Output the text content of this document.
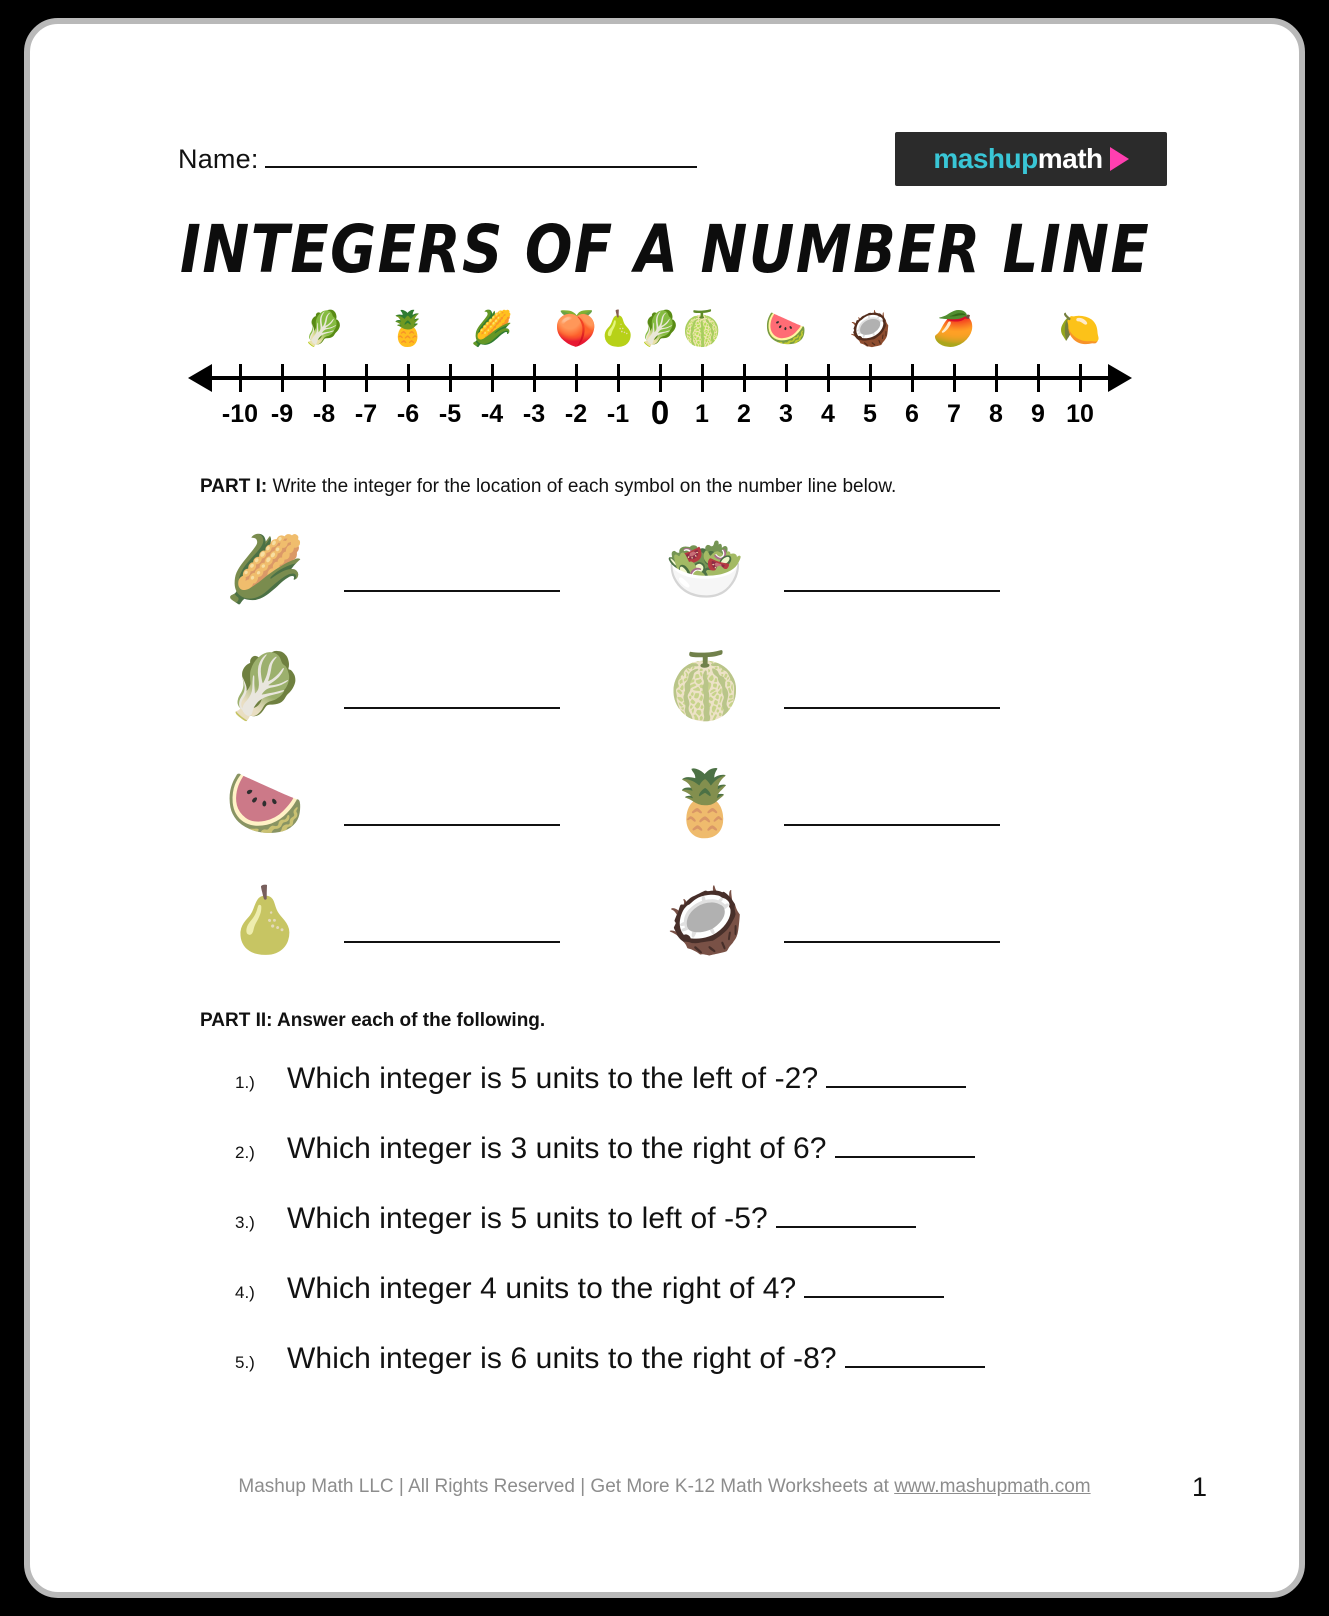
Name:	mashup math
INTEGERS OF A NUMBER LINE
-10 -9 -8 -7 -6 -5 -4 -3 -2 -1 0 1 2 3 4 5 6 7 8 9 10
🥬 🍍 🌽 🍑 🍐 🥬 🍈 🍉 🥥 🥭 🍋
PART I: Write the integer for the location of each symbol on the number line below.
🌽
🥬
🍉
🍐
🥗
🍈
🍍
🥥
PART II: Answer each of the following.
1.)	Which integer is 5 units to the left of -2?
2.)	Which integer is 3 units to the right of 6?
3.)	Which integer is 5 units to left of -5?
4.)	Which integer 4 units to the right of 4?
5.)	Which integer is 6 units to the right of -8?
Mashup Math LLC | All Rights Reserved | Get More K-12 Math Worksheets at www.mashupmath.com	1
